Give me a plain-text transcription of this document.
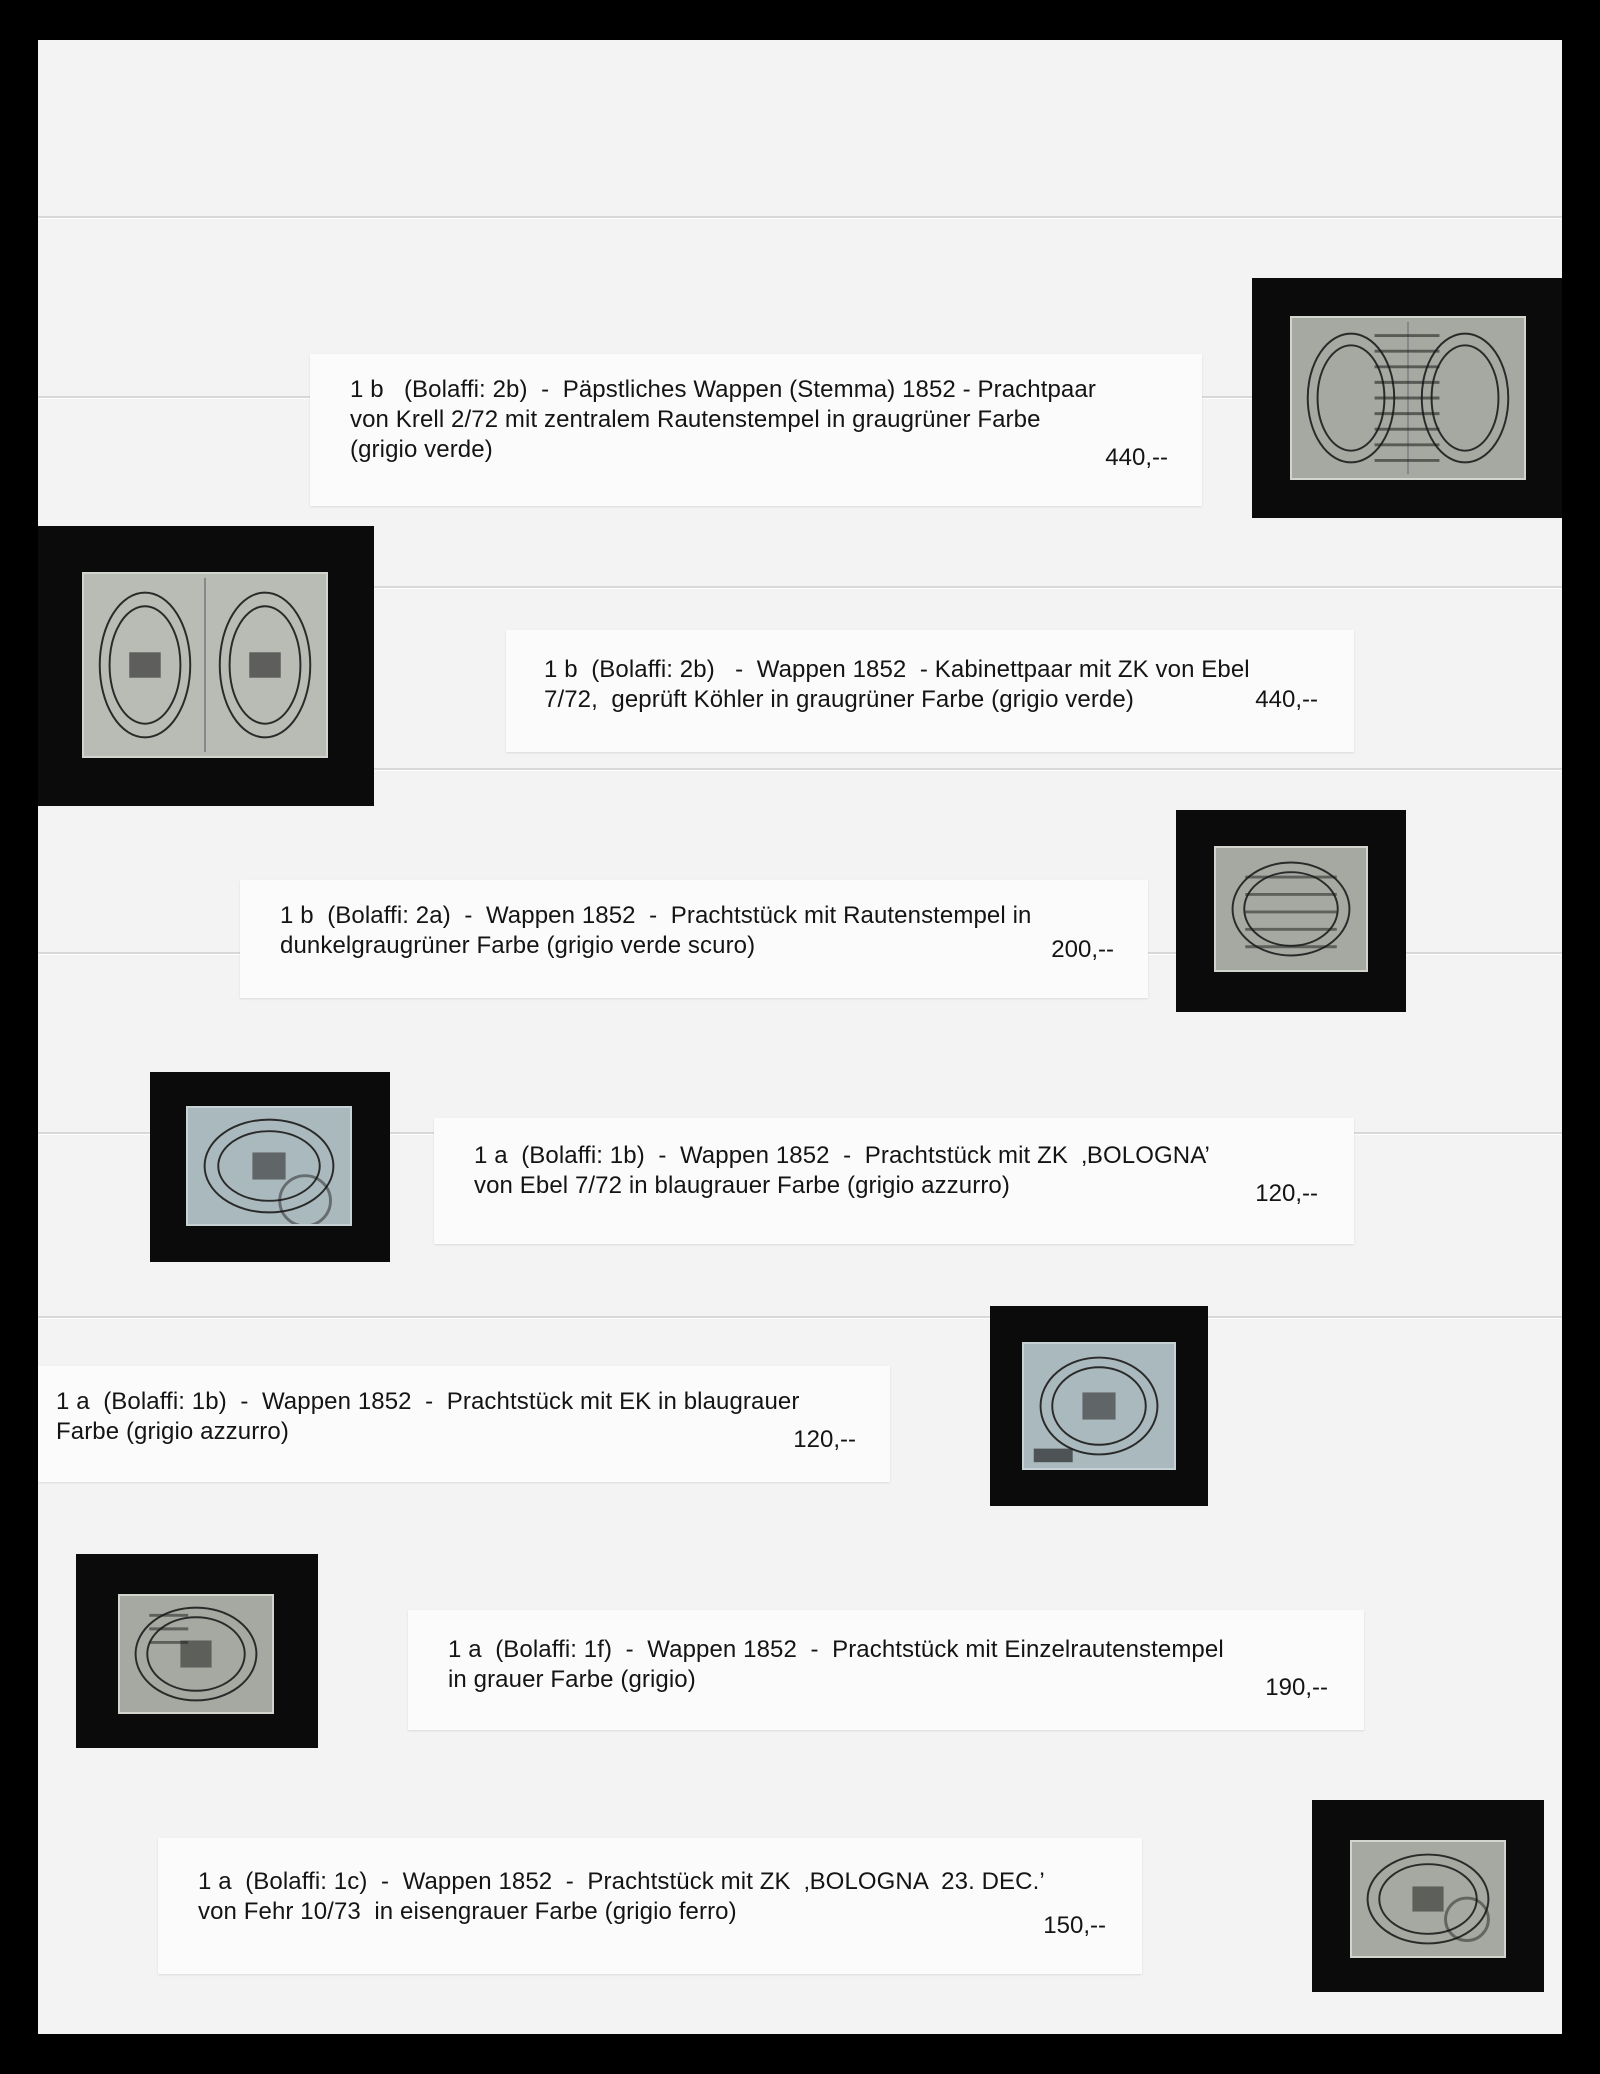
1 b   (Bolaffi: 2b)  -  Päpstliches Wappen (Stemma) 1852 - Prachtpaar
von Krell 2/72 mit zentralem Rautenstempel in graugrüner Farbe
(grigio verde)	440,--
1 b  (Bolaffi: 2b)   -  Wappen 1852  - Kabinettpaar mit ZK von Ebel
7/72,  geprüft Köhler in graugrüner Farbe (grigio verde)	440,--
1 b  (Bolaffi: 2a)  -  Wappen 1852  -  Prachtstück mit Rautenstempel in
dunkelgraugrüner Farbe (grigio verde scuro)	200,--
1 a  (Bolaffi: 1b)  -  Wappen 1852  -  Prachtstück mit ZK  ‚BOLOGNA’
von Ebel 7/72 in blaugrauer Farbe (grigio azzurro)	120,--
1 a  (Bolaffi: 1b)  -  Wappen 1852  -  Prachtstück mit EK in blaugrauer
Farbe (grigio azzurro)	120,--
1 a  (Bolaffi: 1f)  -  Wappen 1852  -  Prachtstück mit Einzelrautenstempel
in grauer Farbe (grigio)	190,--
1 a  (Bolaffi: 1c)  -  Wappen 1852  -  Prachtstück mit ZK  ‚BOLOGNA  23. DEC.’
von Fehr 10/73  in eisengrauer Farbe (grigio ferro)
150,--
